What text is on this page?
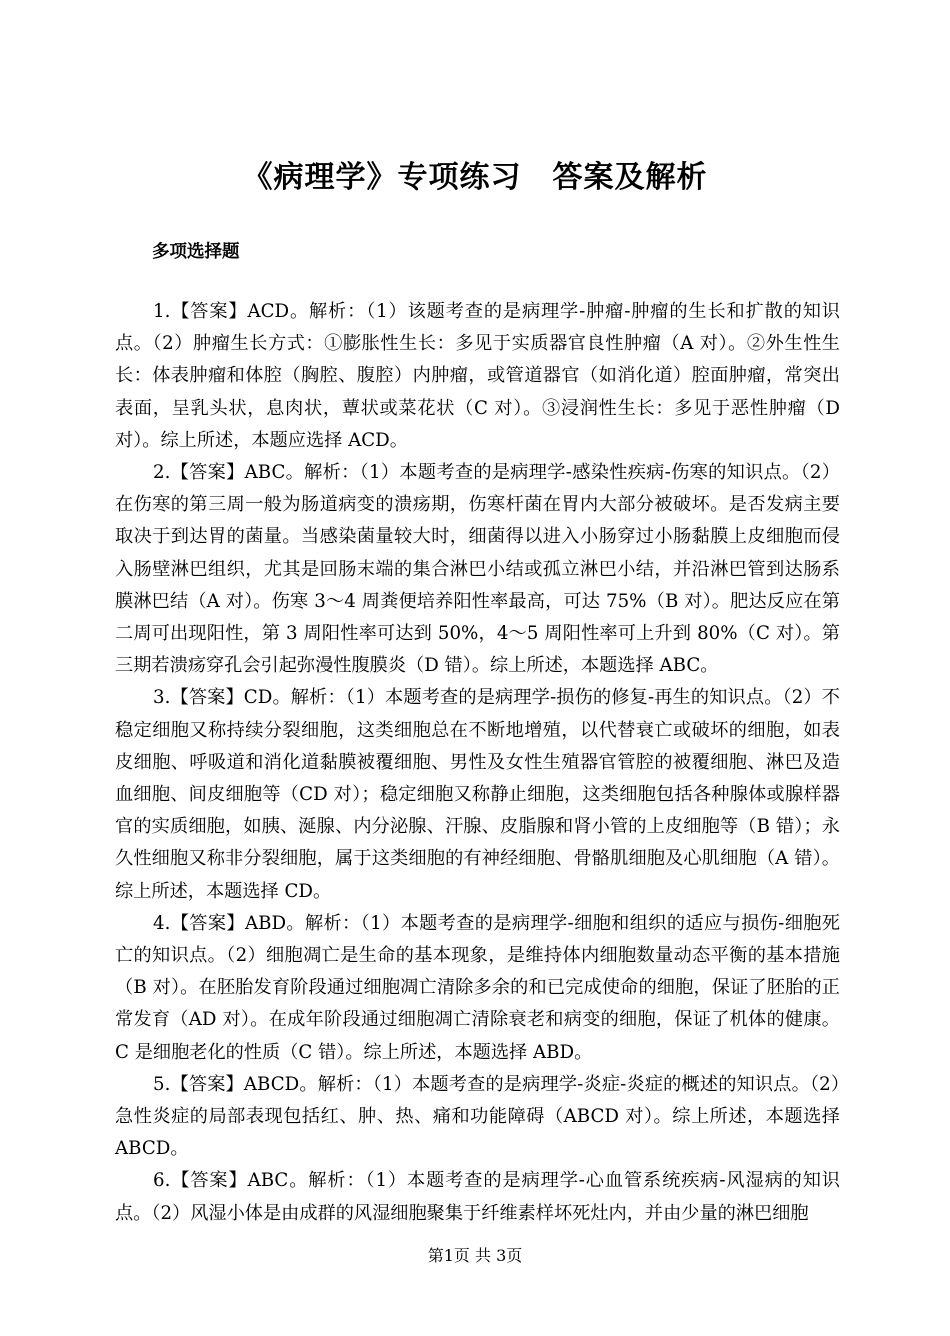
《病理学》专项练习　答案及解析
多项选择题

1.【答案】ACD。解析：（1）该题考查的是病理学-肿瘤-肿瘤的生长和扩散的知识点。（2）肿瘤生长方式：①膨胀性生长：多见于实质器官良性肿瘤（A 对）。②外生性生长：体表肿瘤和体腔（胸腔、腹腔）内肿瘤，或管道器官（如消化道）腔面肿瘤，常突出表面，呈乳头状，息肉状，蕈状或菜花状（C 对）。③浸润性生长：多见于恶性肿瘤（D 对）。综上所述，本题应选择 ACD。

2.【答案】ABC。解析：（1）本题考查的是病理学-感染性疾病-伤寒的知识点。（2）在伤寒的第三周一般为肠道病变的溃疡期，伤寒杆菌在胃内大部分被破坏。是否发病主要取决于到达胃的菌量。当感染菌量较大时，细菌得以进入小肠穿过小肠黏膜上皮细胞而侵入肠壁淋巴组织，尤其是回肠末端的集合淋巴小结或孤立淋巴小结，并沿淋巴管到达肠系膜淋巴结（A 对）。伤寒 3～4 周粪便培养阳性率最高，可达 75%（B 对）。肥达反应在第二周可出现阳性，第 3 周阳性率可达到 50%，4～5 周阳性率可上升到 80%（C 对）。第三期若溃疡穿孔会引起弥漫性腹膜炎（D 错）。综上所述，本题选择 ABC。

3.【答案】CD。解析：（1）本题考查的是病理学-损伤的修复-再生的知识点。（2）不稳定细胞又称持续分裂细胞，这类细胞总在不断地增殖，以代替衰亡或破坏的细胞，如表皮细胞、呼吸道和消化道黏膜被覆细胞、男性及女性生殖器官管腔的被覆细胞、淋巴及造血细胞、间皮细胞等（CD 对）；稳定细胞又称静止细胞，这类细胞包括各种腺体或腺样器官的实质细胞，如胰、涎腺、内分泌腺、汗腺、皮脂腺和肾小管的上皮细胞等（B 错）；永久性细胞又称非分裂细胞，属于这类细胞的有神经细胞、骨骼肌细胞及心肌细胞（A 错）。综上所述，本题选择 CD。

4.【答案】ABD。解析：（1）本题考查的是病理学-细胞和组织的适应与损伤-细胞死亡的知识点。（2）细胞凋亡是生命的基本现象，是维持体内细胞数量动态平衡的基本措施（B 对）。在胚胎发育阶段通过细胞凋亡清除多余的和已完成使命的细胞，保证了胚胎的正常发育（AD 对）。在成年阶段通过细胞凋亡清除衰老和病变的细胞，保证了机体的健康。C 是细胞老化的性质（C 错）。综上所述，本题选择 ABD。

5.【答案】ABCD。解析：（1）本题考查的是病理学-炎症-炎症的概述的知识点。（2）急性炎症的局部表现包括红、肿、热、痛和功能障碍（ABCD 对）。综上所述，本题选择 ABCD。

6.【答案】ABC。解析：（1）本题考查的是病理学-心血管系统疾病-风湿病的知识点。（2）风湿小体是由成群的风湿细胞聚集于纤维素样坏死灶内，并由少量的淋巴细胞

第1页 共 3页
